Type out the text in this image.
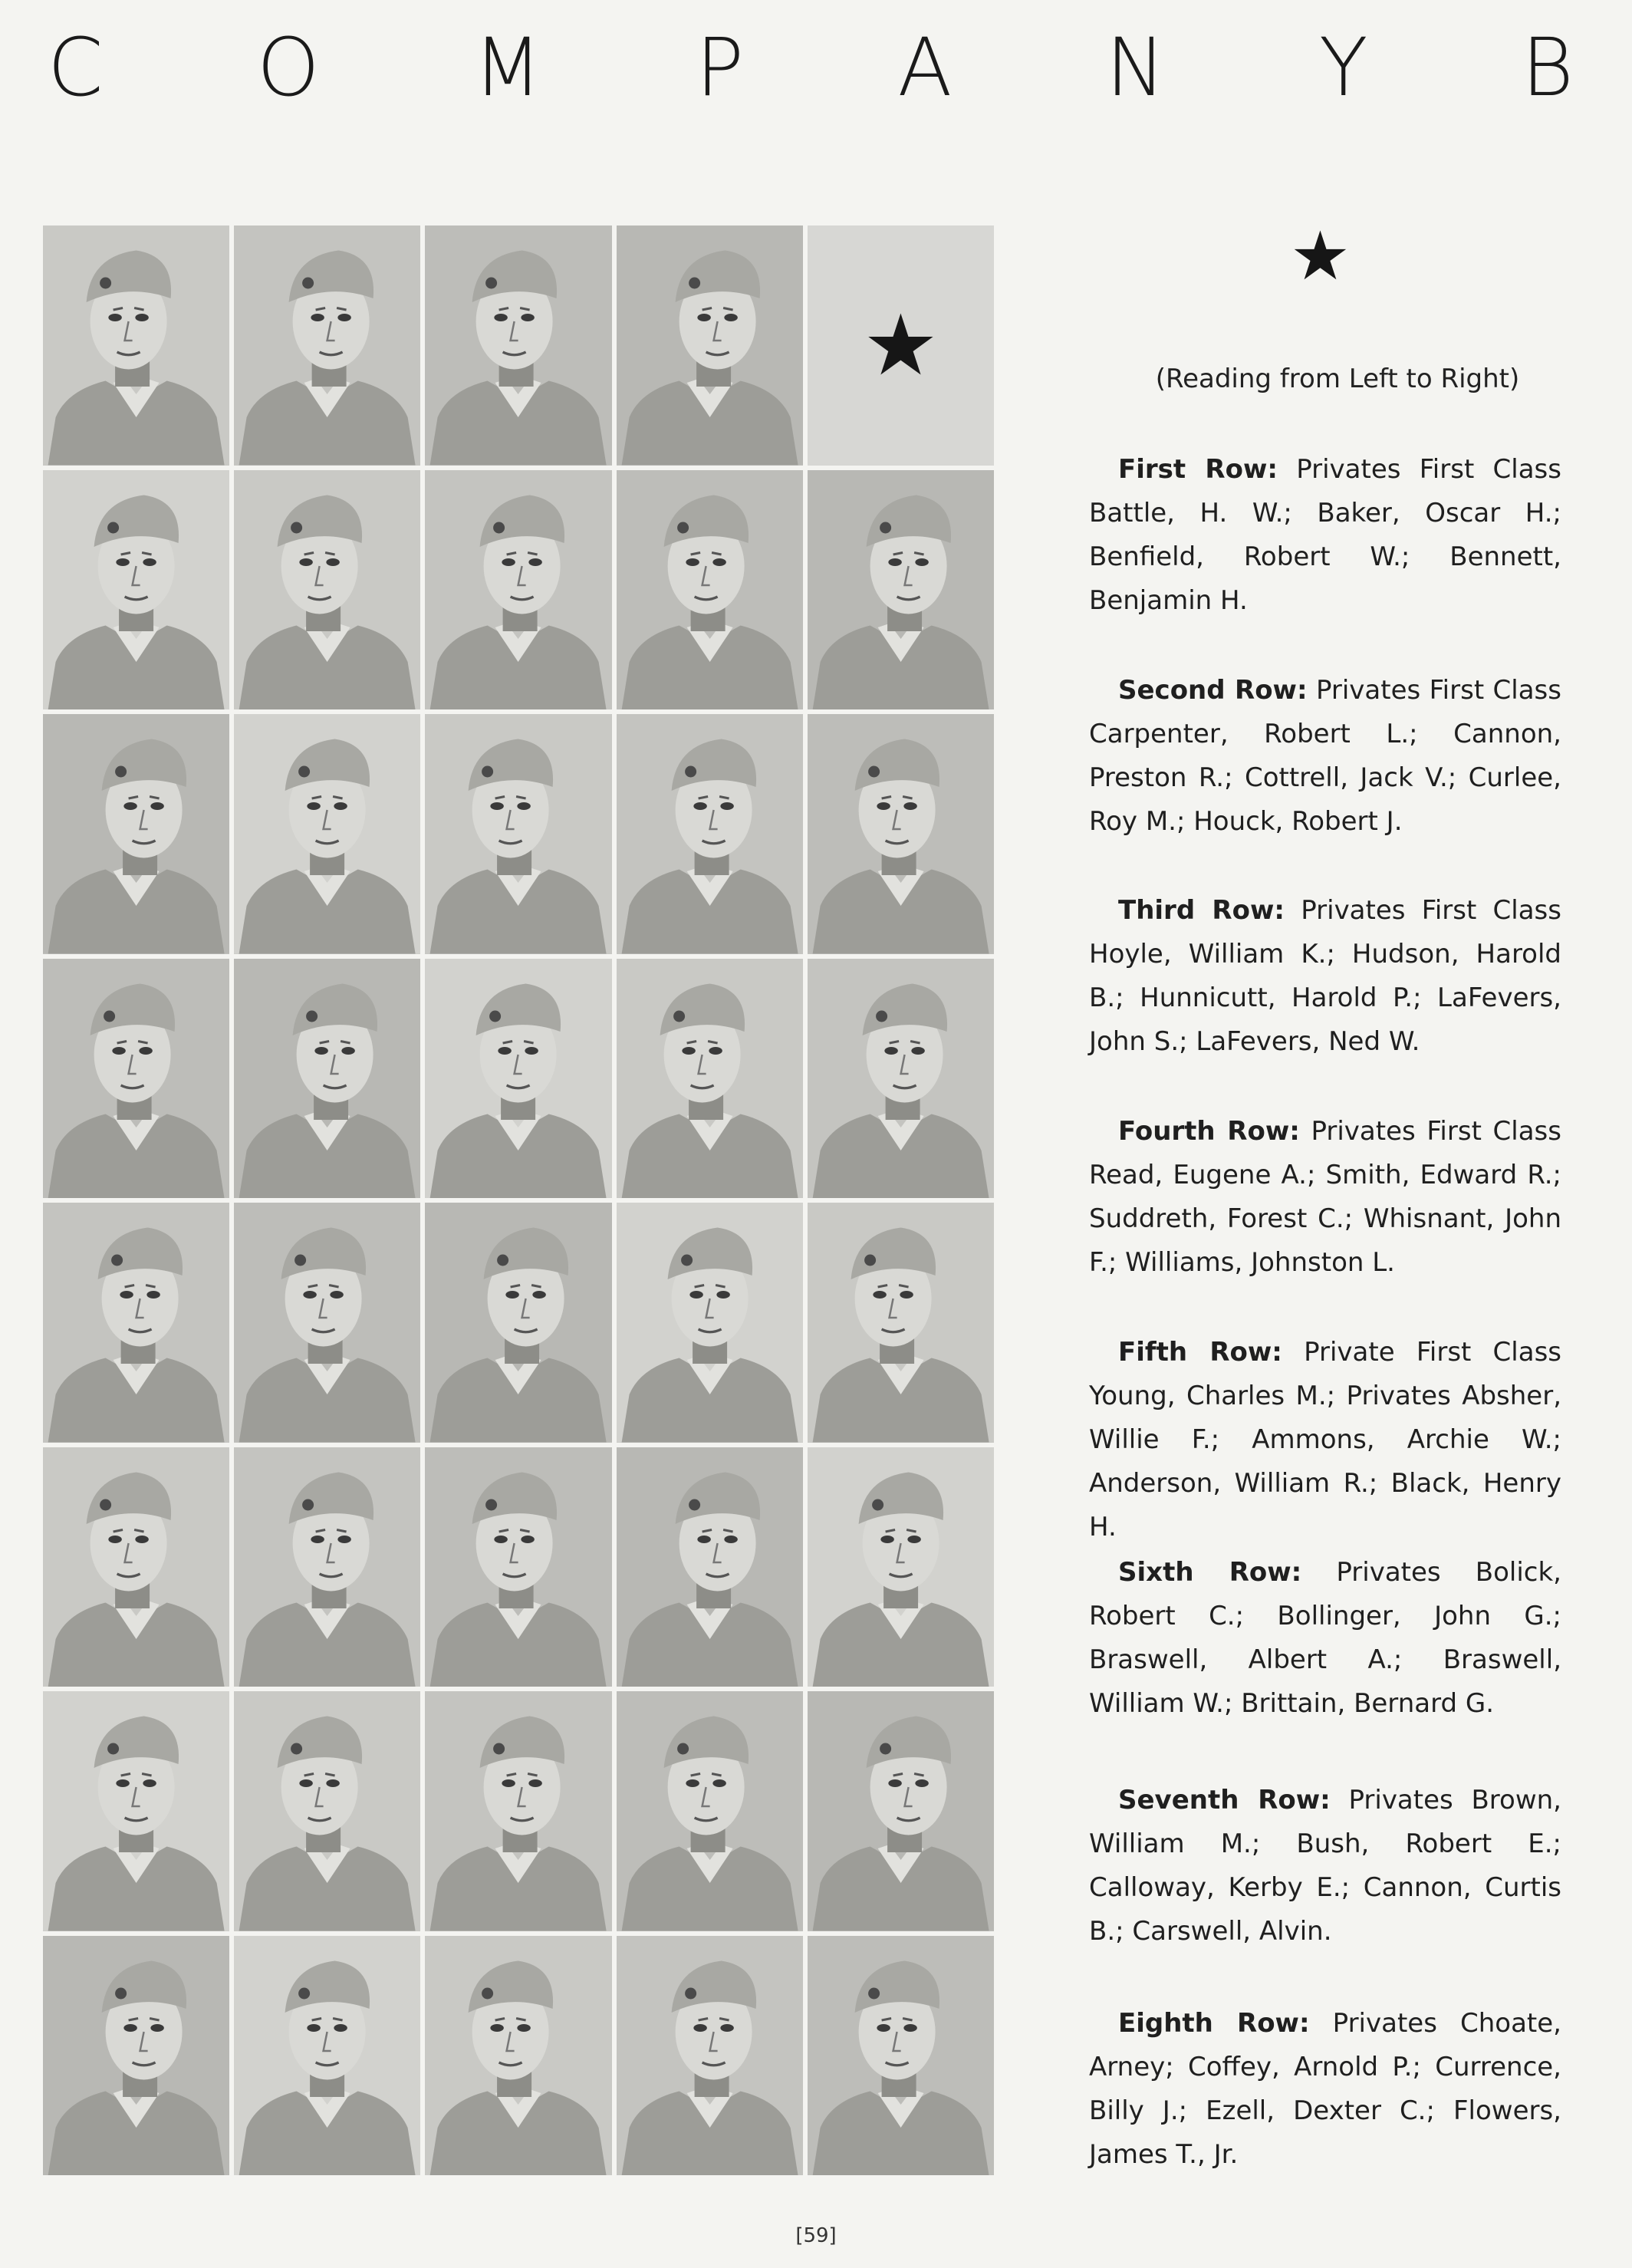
C O M P A N Y B
★
★
(Reading from Left to Right)
First Row: Privates First Class Battle, H. W.; Baker, Oscar H.; Benfield, Robert W.; Bennett, Benjamin H.
Second Row: Privates First Class Carpenter, Robert L.; Cannon, Preston R.; Cottrell, Jack V.; Curlee, Roy M.; Houck, Robert J.
Third Row: Privates First Class Hoyle, William K.; Hudson, Harold B.; Hunnicutt, Harold P.; LaFevers, John S.; LaFevers, Ned W.
Fourth Row: Privates First Class Read, Eugene A.; Smith, Edward R.; Suddreth, Forest C.; Whisnant, John F.; Williams, Johnston L.
Fifth Row: Private First Class Young, Charles M.; Privates Absher, Willie F.; Ammons, Archie W.; Anderson, William R.; Black, Henry H.
Sixth Row: Privates Bolick, Robert C.; Bollinger, John G.; Braswell, Albert A.; Braswell, William W.; Brittain, Bernard G.
Seventh Row: Privates Brown, William M.; Bush, Robert E.; Calloway, Kerby E.; Cannon, Curtis B.; Carswell, Alvin.
Eighth Row: Privates Choate, Arney; Coffey, Arnold P.; Currence, Billy J.; Ezell, Dexter C.; Flowers, James T., Jr.
[59]
